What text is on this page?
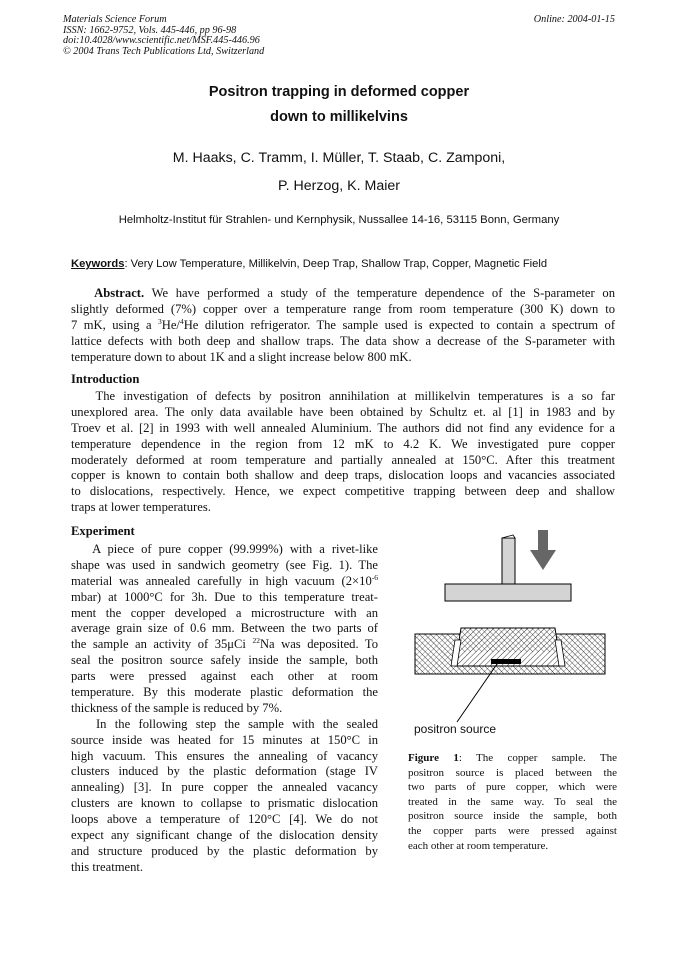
Materials Science Forum
ISSN: 1662-9752, Vols. 445-446, pp 96-98
doi:10.4028/www.scientific.net/MSF.445-446.96
© 2004 Trans Tech Publications Ltd, Switzerland
Online: 2004-01-15
Positron trapping in deformed copper
down to millikelvins
M. Haaks, C. Tramm, I. Müller, T. Staab, C. Zamponi,
P. Herzog, K. Maier
Helmholtz-Institut für Strahlen- und Kernphysik, Nussallee 14-16, 53115 Bonn, Germany
Keywords: Very Low Temperature, Millikelvin, Deep Trap, Shallow Trap, Copper, Magnetic Field
Abstract. We have performed a study of the temperature dependence of the S-parameter on
slightly deformed (7%) copper over a temperature range from room temperature (300 K) down to
7 mK, using a $^3$He/$^4$He dilution refrigerator. The sample used is expected to contain a spectrum of
lattice defects with both deep and shallow traps. The data show a decrease of the S-parameter with
temperature down to about 1K and a slight increase below 800 mK.
Introduction
The investigation of defects by positron annihilation at millikelvin temperatures is a so far
unexplored area. The only data available have been obtained by Schultz et. al [1] in 1983 and by
Troev et al. [2] in 1993 with well annealed Aluminium. The authors did not find any evidence for a
temperature dependence in the region from 12 mK to 4.2 K. We investigated pure copper
moderately deformed at room temperature and partially annealed at 150°C. After this treatment
copper is known to contain both shallow and deep traps, dislocation loops and vacancies associated
to dislocations, respectively. Hence, we expect competitive trapping between deep and shallow
traps at lower temperatures.
Experiment
A piece of pure copper (99.999%) with a rivet-like
shape was used in sandwich geometry (see Fig. 1). The
material was annealed carefully in high vacuum ($2\times 10^{-6}$
mbar) at 1000°C for 3h. Due to this temperature treat-
ment the copper developed a microstructure with an
average grain size of 0.6 mm. Between the two parts of
the sample an activity of 35μCi $^{22}$Na was deposited. To
seal the positron source safely inside the sample, both
parts were pressed against each other at room
temperature. By this moderate plastic deformation the
thickness of the sample is reduced by 7%.
In the following step the sample with the sealed
source inside was heated for 15 minutes at 150°C in
high vacuum. This ensures the annealing of vacancy
clusters induced by the plastic deformation (stage IV
annealing) [3]. In pure copper the annealed vacancy
clusters are known to collapse to prismatic dislocation
loops above a temperature of 120°C [4]. We do not
expect any significant change of the dislocation density
and structure produced by the plastic deformation by
this treatment.
positron source
Figure 1: The copper sample. The
positron source is placed between the
two parts of pure copper, which were
treated in the same way. To seal the
positron source inside the sample, both
the copper parts were pressed against
each other at room temperature.
